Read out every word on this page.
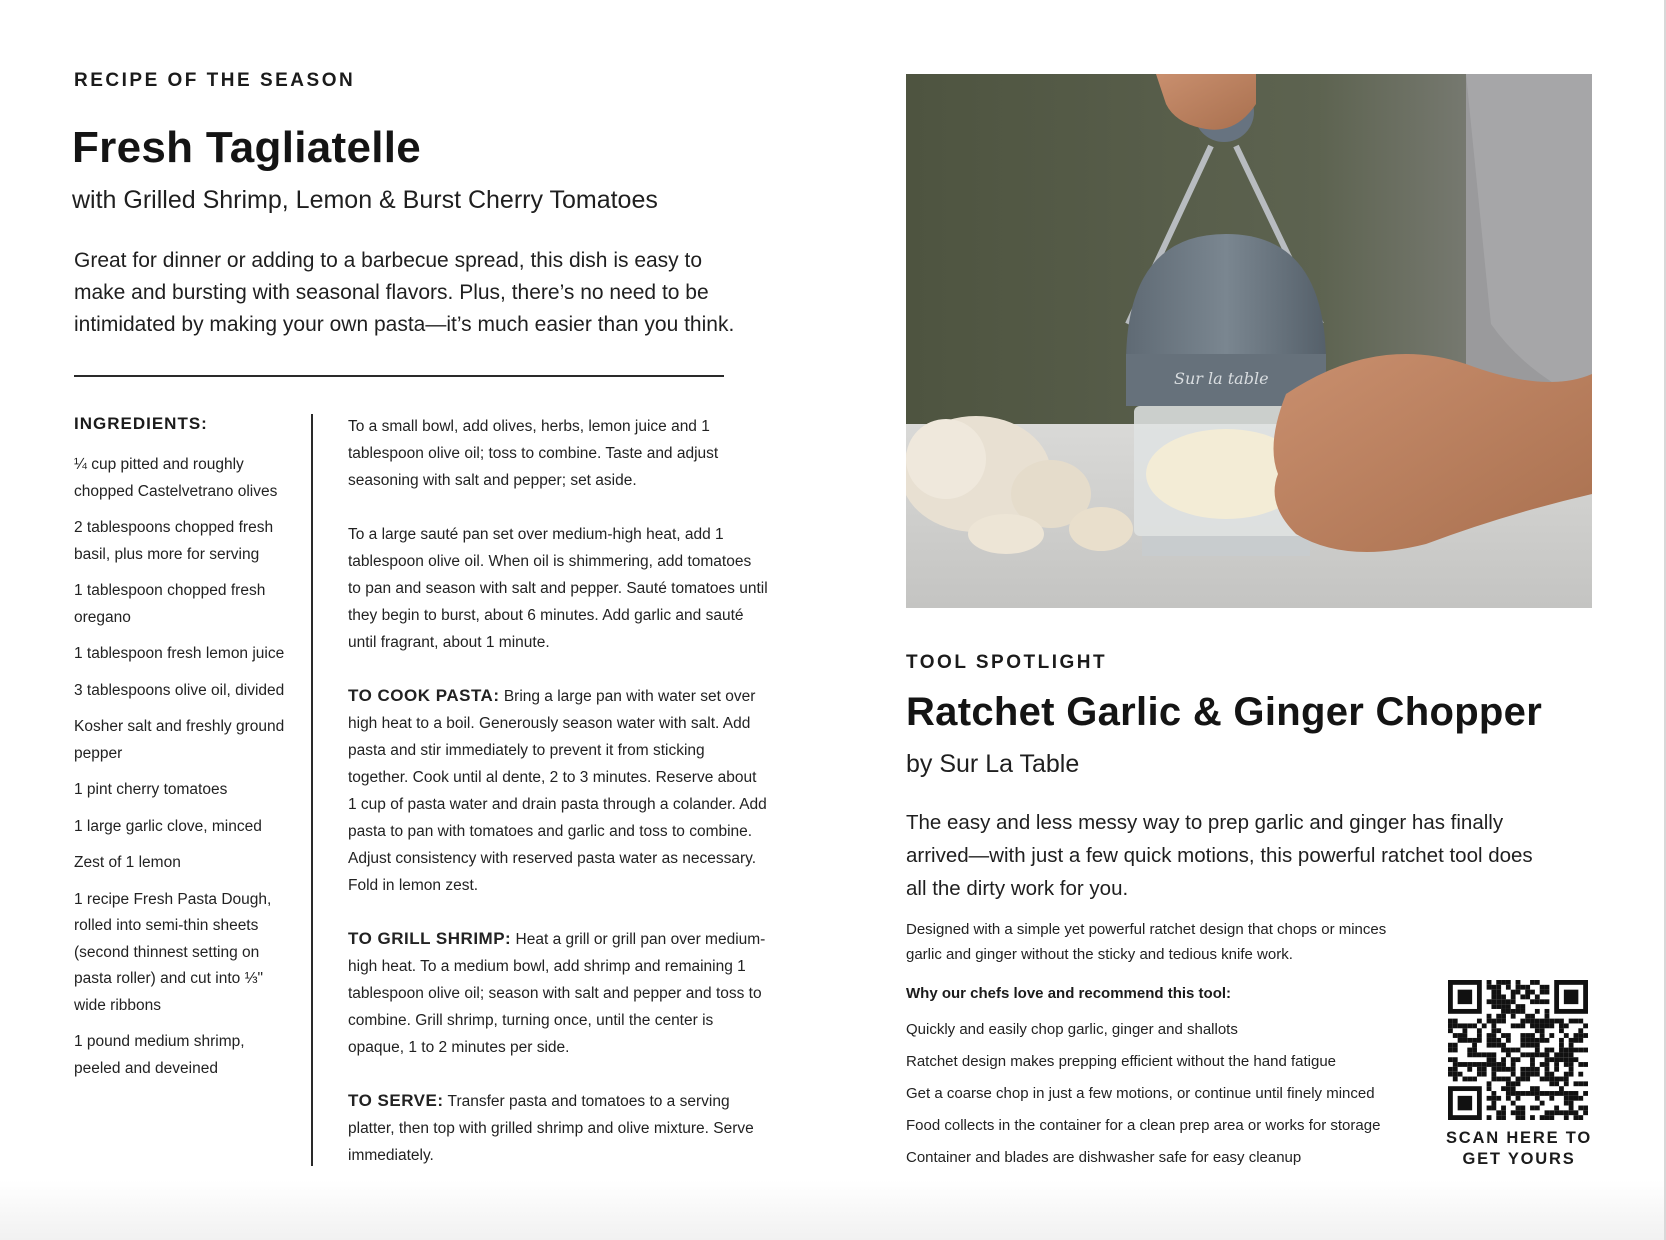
RECIPE OF THE SEASON
Fresh Tagliatelle
with Grilled Shrimp, Lemon & Burst Cherry Tomatoes
Great for dinner or adding to a barbecue spread, this dish is easy to make and bursting with seasonal flavors. Plus, there’s no need to be intimidated by making your own pasta—it’s much easier than you think.
INGREDIENTS:
¼ cup pitted and roughly chopped Castelvetrano olives
2 tablespoons chopped fresh basil, plus more for serving
1 tablespoon chopped fresh oregano
1 tablespoon fresh lemon juice
3 tablespoons olive oil, divided
Kosher salt and freshly ground pepper
1 pint cherry tomatoes
1 large garlic clove, minced
Zest of 1 lemon
1 recipe Fresh Pasta Dough, rolled into semi-thin sheets (second thinnest setting on pasta roller) and cut into ⅓" wide ribbons
1 pound medium shrimp, peeled and deveined

To a small bowl, add olives, herbs, lemon juice and 1 tablespoon olive oil; toss to combine. Taste and adjust seasoning with salt and pepper; set aside.

To a large sauté pan set over medium-high heat, add 1 tablespoon olive oil. When oil is shimmering, add tomatoes to pan and season with salt and pepper. Sauté tomatoes until they begin to burst, about 6 minutes. Add garlic and sauté until fragrant, about 1 minute.

TO COOK PASTA: Bring a large pan with water set over high heat to a boil. Generously season water with salt. Add pasta and stir immediately to prevent it from sticking together. Cook until al dente, 2 to 3 minutes. Reserve about 1 cup of pasta water and drain pasta through a colander. Add pasta to pan with tomatoes and garlic and toss to combine. Adjust consistency with reserved pasta water as necessary. Fold in lemon zest.

TO GRILL SHRIMP: Heat a grill or grill pan over medium-high heat. To a medium bowl, add shrimp and remaining 1 tablespoon olive oil; season with salt and pepper and toss to combine. Grill shrimp, turning once, until the center is opaque, 1 to 2 minutes per side.

TO SERVE: Transfer pasta and tomatoes to a serving platter, then top with grilled shrimp and olive mixture. Serve immediately.

Sur la table
TOOL SPOTLIGHT
Ratchet Garlic & Ginger Chopper
by Sur La Table
The easy and less messy way to prep garlic and ginger has finally arrived—with just a few quick motions, this powerful ratchet tool does all the dirty work for you.
Designed with a simple yet powerful ratchet design that chops or minces garlic and ginger without the sticky and tedious knife work.
Why our chefs love and recommend this tool:
Quickly and easily chop garlic, ginger and shallots
Ratchet design makes prepping efficient without the hand fatigue
Get a coarse chop in just a few motions, or continue until finely minced
Food collects in the container for a clean prep area or works for storage
Container and blades are dishwasher safe for easy cleanup
SCAN HERE TO GET YOURS
